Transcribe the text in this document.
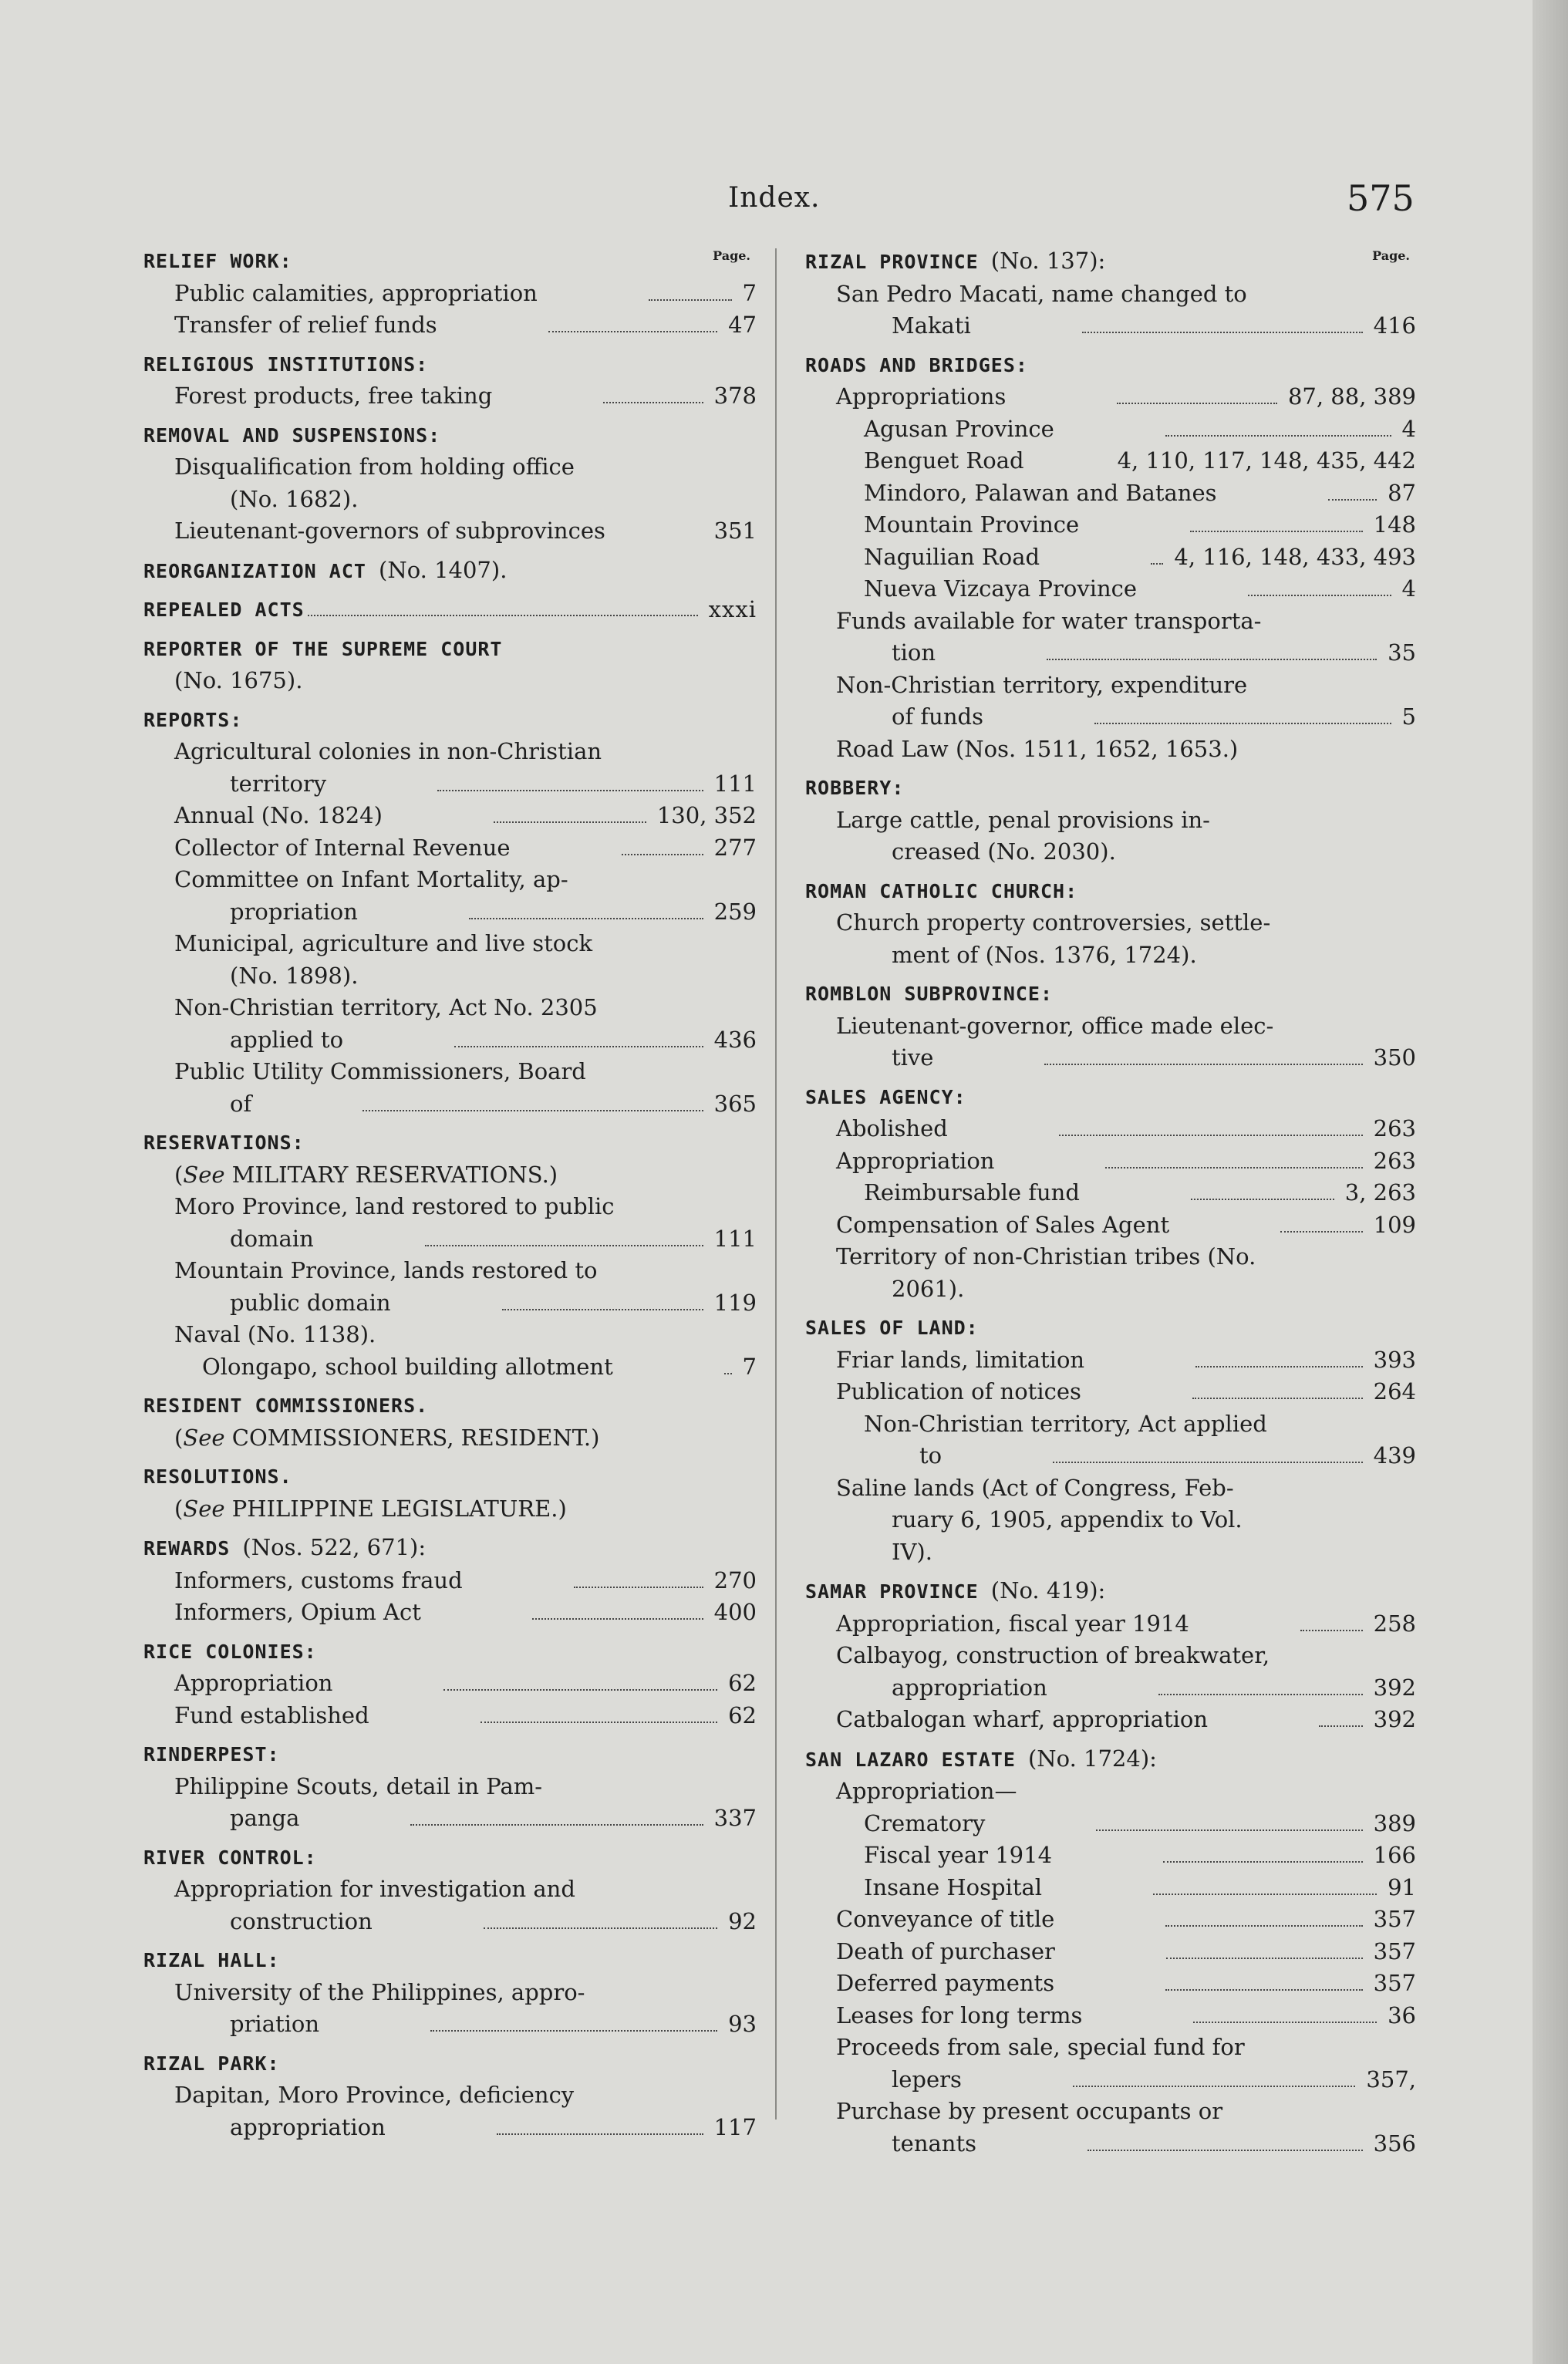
Index.	575
Page.
RELIEF WORK:
Public calamities, appropriation	7
Transfer of relief funds	47
RELIGIOUS INSTITUTIONS:
Forest products, free taking	378
REMOVAL AND SUSPENSIONS:
Disqualification from holding office
(No. 1682).
Lieutenant-governors of subprovinces	351
REORGANIZATION ACT (No. 1407).
REPEALED ACTS	xxxi
REPORTER OF THE SUPREME COURT
(No. 1675).
REPORTS:
Agricultural colonies in non-Christian
territory	111
Annual (No. 1824)	130, 352
Collector of Internal Revenue	277
Committee on Infant Mortality, ap-
propriation	259
Municipal, agriculture and live stock
(No. 1898).
Non-Christian territory, Act No. 2305
applied to	436
Public Utility Commissioners, Board
of	365
RESERVATIONS:
(See MILITARY RESERVATIONS.)
Moro Province, land restored to public
domain	111
Mountain Province, lands restored to
public domain	119
Naval (No. 1138).
Olongapo, school building allotment	7
RESIDENT COMMISSIONERS.
(See COMMISSIONERS, RESIDENT.)
RESOLUTIONS.
(See PHILIPPINE LEGISLATURE.)
REWARDS (Nos. 522, 671):
Informers, customs fraud	270
Informers, Opium Act	400
RICE COLONIES:
Appropriation	62
Fund established	62
RINDERPEST:
Philippine Scouts, detail in Pam-
panga	337
RIVER CONTROL:
Appropriation for investigation and
construction	92
RIZAL HALL:
University of the Philippines, appro-
priation	93
RIZAL PARK:
Dapitan, Moro Province, deficiency
appropriation	117
Page.
RIZAL PROVINCE (No. 137):
San Pedro Macati, name changed to
Makati	416
ROADS AND BRIDGES:
Appropriations	87, 88, 389
Agusan Province	4
Benguet Road	4, 110, 117, 148, 435, 442
Mindoro, Palawan and Batanes	87
Mountain Province	148
Naguilian Road	4, 116, 148, 433, 493
Nueva Vizcaya Province	4
Funds available for water transporta-
tion	35
Non-Christian territory, expenditure
of funds	5
Road Law (Nos. 1511, 1652, 1653.)
ROBBERY:
Large cattle, penal provisions in-
creased (No. 2030).
ROMAN CATHOLIC CHURCH:
Church property controversies, settle-
ment of (Nos. 1376, 1724).
ROMBLON SUBPROVINCE:
Lieutenant-governor, office made elec-
tive	350
SALES AGENCY:
Abolished	263
Appropriation	263
Reimbursable fund	3, 263
Compensation of Sales Agent	109
Territory of non-Christian tribes (No.
2061).
SALES OF LAND:
Friar lands, limitation	393
Publication of notices	264
Non-Christian territory, Act applied
to	439
Saline lands (Act of Congress, Feb-
ruary 6, 1905, appendix to Vol.
IV).
SAMAR PROVINCE (No. 419):
Appropriation, fiscal year 1914	258
Calbayog, construction of breakwater,
appropriation	392
Catbalogan wharf, appropriation	392
SAN LAZARO ESTATE (No. 1724):
Appropriation—
Crematory	389
Fiscal year 1914	166
Insane Hospital	91
Conveyance of title	357
Death of purchaser	357
Deferred payments	357
Leases for long terms	36
Proceeds from sale, special fund for
lepers	357,
Purchase by present occupants or
tenants	356
